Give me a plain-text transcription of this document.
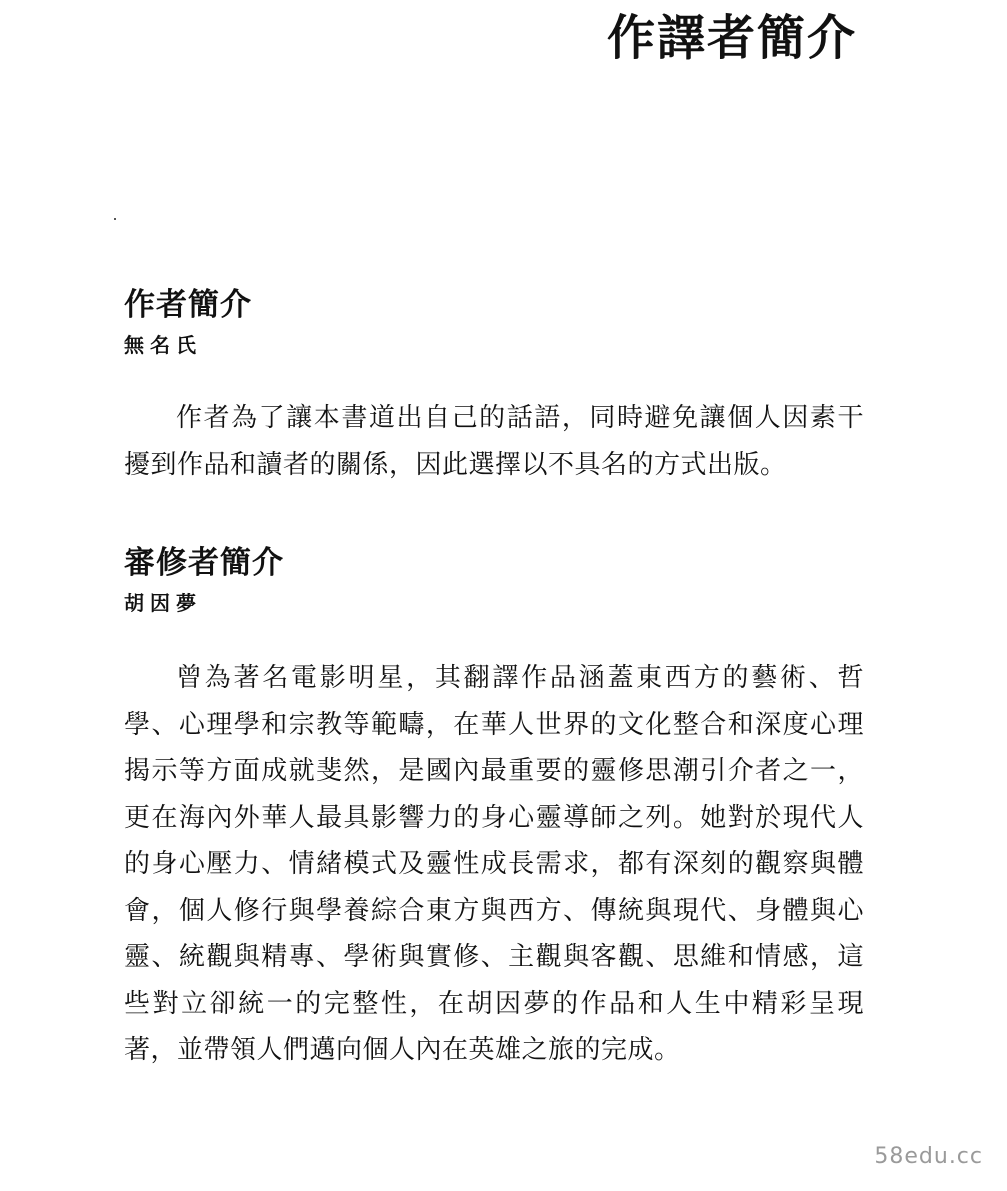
作譯者簡介
作者簡介
無名氏

作者為了讓本書道出自己的話語，同時避免讓個人因素干擾到作品和讀者的關係，因此選擇以不具名的方式出版。

審修者簡介
胡因夢

曾為著名電影明星，其翻譯作品涵蓋東西方的藝術、哲學、心理學和宗教等範疇，在華人世界的文化整合和深度心理揭示等方面成就斐然，是國內最重要的靈修思潮引介者之一，更在海內外華人最具影響力的身心靈導師之列。她對於現代人的身心壓力、情緒模式及靈性成長需求，都有深刻的觀察與體會，個人修行與學養綜合東方與西方、傳統與現代、身體與心靈、統觀與精專、學術與實修、主觀與客觀、思維和情感，這些對立卻統一的完整性，在胡因夢的作品和人生中精彩呈現著，並帶領人們邁向個人內在英雄之旅的完成。

58edu.cc
